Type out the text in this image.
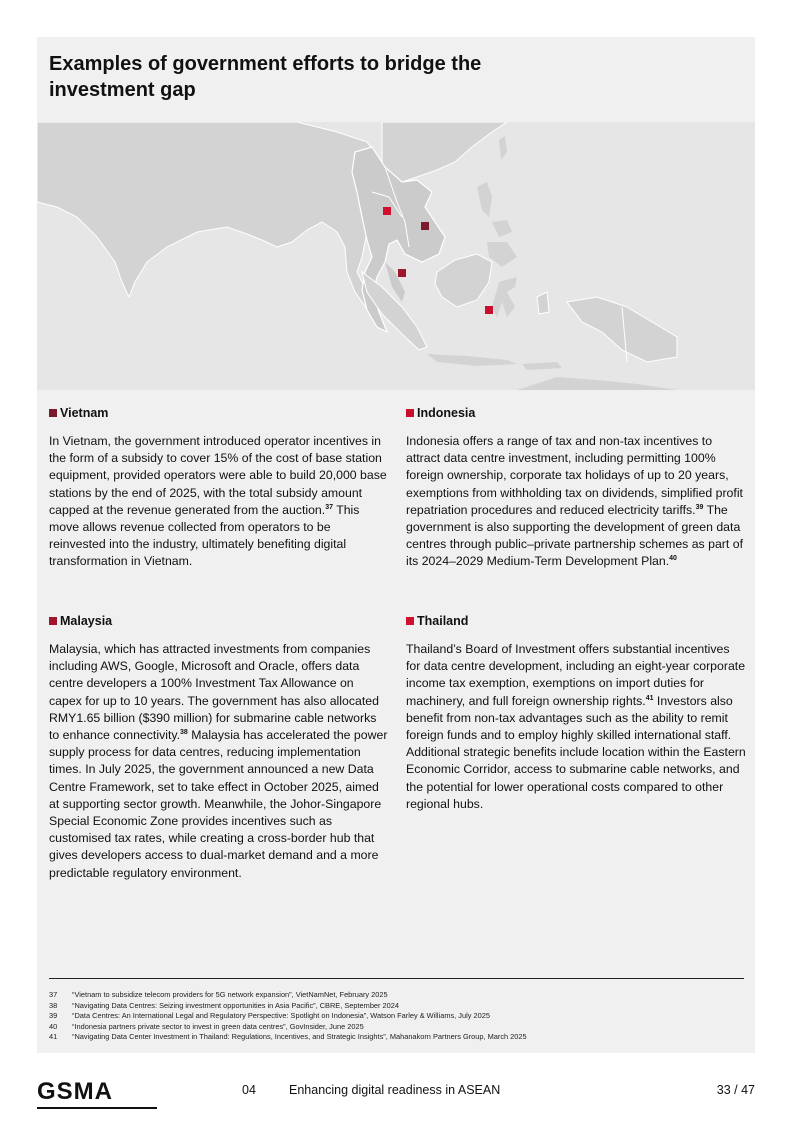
Examples of government efforts to bridge the investment gap
Vietnam
In Vietnam, the government introduced operator incentives in the form of a subsidy to cover 15% of the cost of base station equipment, provided operators were able to build 20,000 base stations by the end of 2025, with the total subsidy amount capped at the revenue generated from the auction.$^{37}$ This move allows revenue collected from operators to be reinvested into the industry, ultimately benefiting digital transformation in Vietnam.
Indonesia
Indonesia offers a range of tax and non-tax incentives to attract data centre investment, including permitting 100% foreign ownership, corporate tax holidays of up to 20 years, exemptions from withholding tax on dividends, simplified profit repatriation procedures and reduced electricity tariffs.$^{39}$ The government is also supporting the development of green data centres through public–private partnership schemes as part of its 2024–2029 Medium-Term Development Plan.$^{40}$
Malaysia
Malaysia, which has attracted investments from companies including AWS, Google, Microsoft and Oracle, offers data centre developers a 100% Investment Tax Allowance on capex for up to 10 years. The government has also allocated RMY1.65 billion ($390 million) for submarine cable networks to enhance connectivity.$^{38}$ Malaysia has accelerated the power supply process for data centres, reducing implementation times. In July 2025, the government announced a new Data Centre Framework, set to take effect in October 2025, aimed at supporting sector growth. Meanwhile, the Johor-Singapore Special Economic Zone provides incentives such as customised tax rates, while creating a cross-border hub that gives developers access to dual-market demand and a more predictable regulatory environment.
Thailand
Thailand’s Board of Investment offers substantial incentives for data centre development, including an eight-year corporate income tax exemption, exemptions on import duties for machinery, and full foreign ownership rights.$^{41}$ Investors also benefit from non-tax advantages such as the ability to remit foreign funds and to employ highly skilled international staff. Additional strategic benefits include location within the Eastern Economic Corridor, access to submarine cable networks, and the potential for lower operational costs compared to other regional hubs.
37	“Vietnam to subsidize telecom providers for 5G network expansion”, VietNamNet, February 2025
38	“Navigating Data Centres: Seizing investment opportunities in Asia Pacific”, CBRE, September 2024
39	“Data Centres: An International Legal and Regulatory Perspective: Spotlight on Indonesia”, Watson Farley & Williams, July 2025
40	“Indonesia partners private sector to invest in green data centres”, GovInsider, June 2025
41	“Navigating Data Center Investment in Thailand: Regulations, Incentives, and Strategic Insights”, Mahanakorn Partners Group, March 2025
GSMA	04	Enhancing digital readiness in ASEAN	33 / 47
